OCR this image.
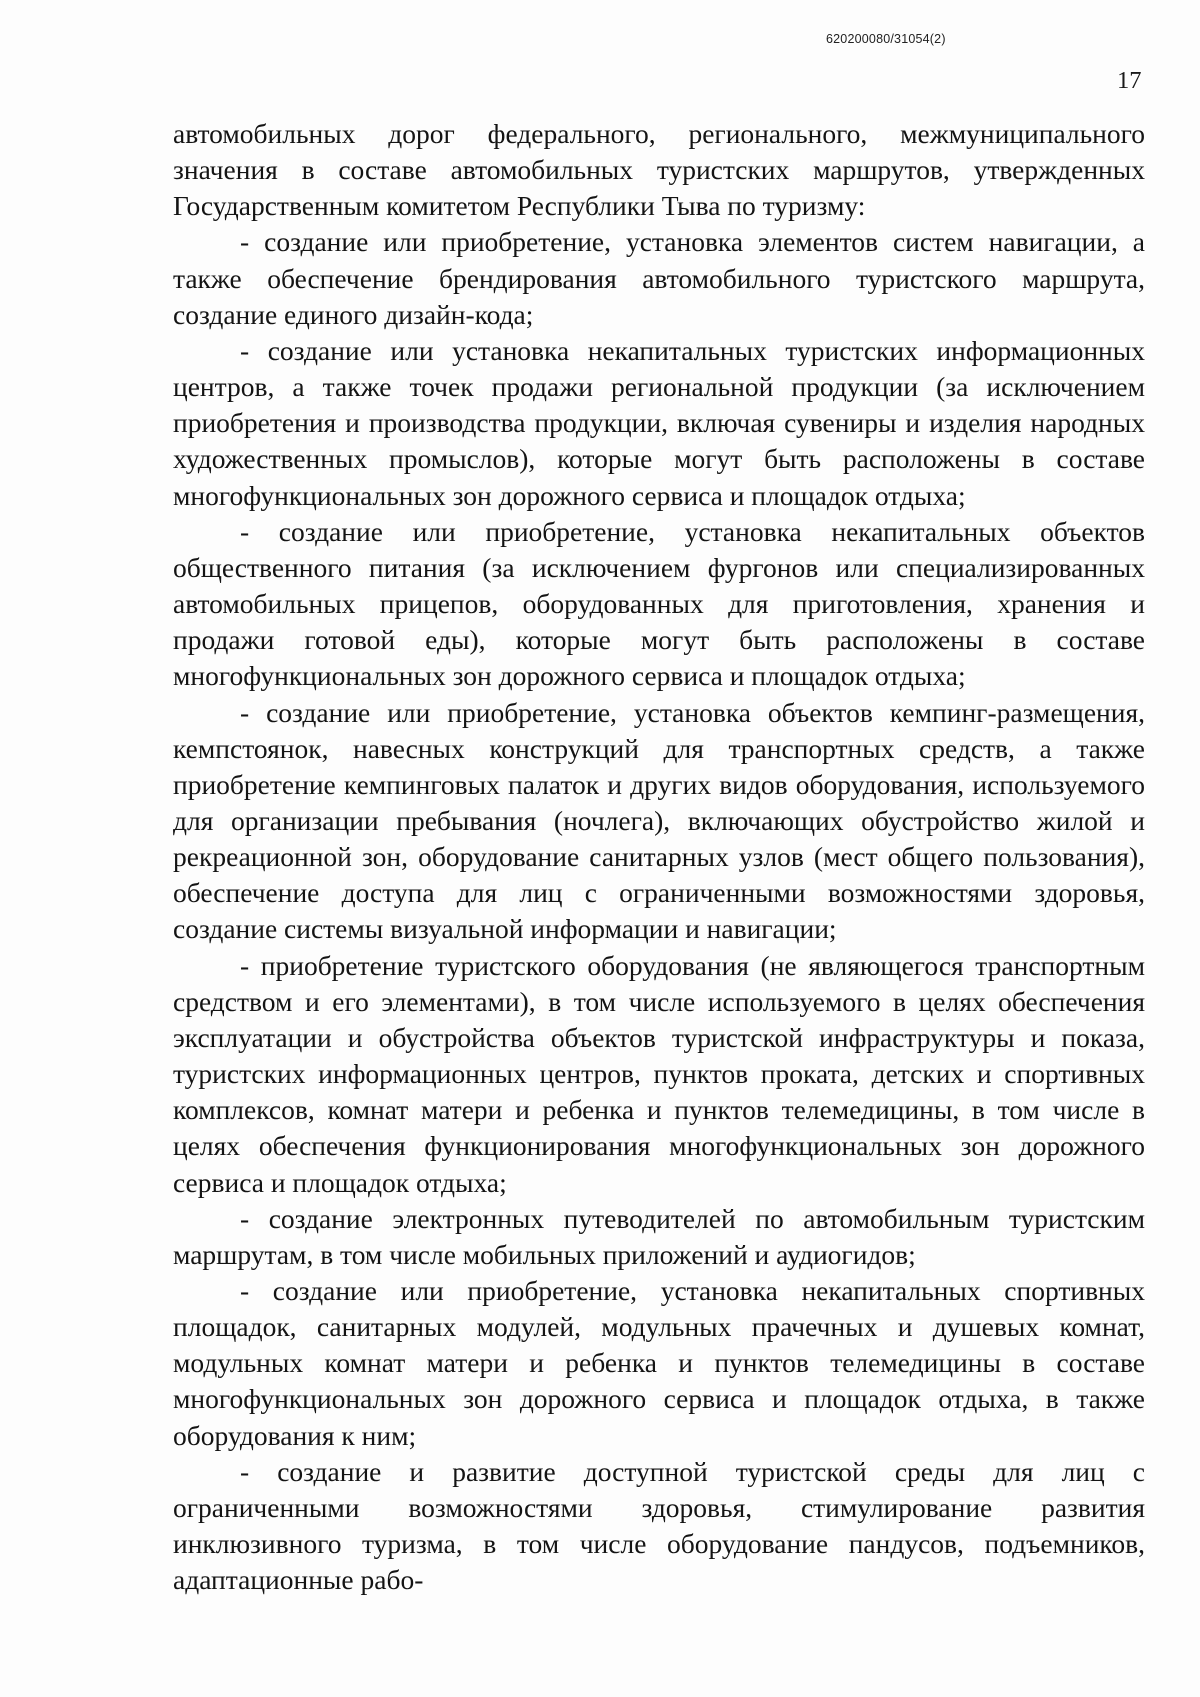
620200080/31054(2)
17

автомобильных дорог федерального, регионального, межмуниципального значения в составе автомобильных туристских маршрутов, утвержденных Государственным комитетом Республики Тыва по туризму:

- создание или приобретение, установка элементов систем навигации, а также обеспечение брендирования автомобильного туристского маршрута, создание единого дизайн-кода;

- создание или установка некапитальных туристских информационных центров, а также точек продажи региональной продукции (за исключением приобретения и производства продукции, включая сувениры и изделия народных художественных промыслов), которые могут быть расположены в составе многофункциональных зон дорожного сервиса и площадок отдыха;

- создание или приобретение, установка некапитальных объектов общественного питания (за исключением фургонов или специализированных автомобильных прицепов, оборудованных для приготовления, хранения и продажи готовой еды), которые могут быть расположены в составе многофункциональных зон дорожного сервиса и площадок отдыха;

- создание или приобретение, установка объектов кемпинг-размещения, кемпстоянок, навесных конструкций для транспортных средств, а также приобретение кемпинговых палаток и других видов оборудования, используемого для организации пребывания (ночлега), включающих обустройство жилой и рекреационной зон, оборудование санитарных узлов (мест общего пользования), обеспечение доступа для лиц с ограниченными возможностями здоровья, создание системы визуальной информации и навигации;

- приобретение туристского оборудования (не являющегося транспортным средством и его элементами), в том числе используемого в целях обеспечения эксплуатации и обустройства объектов туристской инфраструктуры и показа, туристских информационных центров, пунктов проката, детских и спортивных комплексов, комнат матери и ребенка и пунктов телемедицины, в том числе в целях обеспечения функционирования многофункциональных зон дорожного сервиса и площадок отдыха;

- создание электронных путеводителей по автомобильным туристским маршрутам, в том числе мобильных приложений и аудиогидов;

- создание или приобретение, установка некапитальных спортивных площадок, санитарных модулей, модульных прачечных и душевых комнат, модульных комнат матери и ребенка и пунктов телемедицины в составе многофункциональных зон дорожного сервиса и площадок отдыха, в также оборудования к ним;

- создание и развитие доступной туристской среды для лиц с ограниченными возможностями здоровья, стимулирование развития инклюзивного туризма, в том числе оборудование пандусов, подъемников, адаптационные рабо-
